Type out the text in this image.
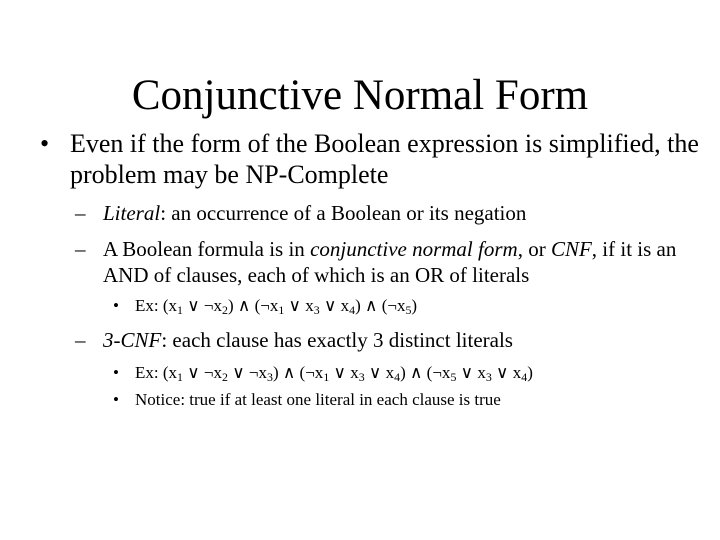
Conjunctive Normal Form
• Even if the form of the Boolean expression is simplified, the problem may be NP-Complete
– Literal: an occurrence of a Boolean or its negation
– A Boolean formula is in conjunctive normal form, or CNF, if it is an AND of clauses, each of which is an OR of literals
• Ex: ($x_1$ ∨ $\neg x_2$) ∧ ($\neg x_1$ ∨ $x_3$ ∨ $x_4$) ∧ $(\neg x_5)$
– 3-CNF: each clause has exactly 3 distinct literals
• Ex: ($x_1$ ∨ $\neg x_2$ ∨ $\neg x_3$) ∧ ($\neg x_1$ ∨ $x_3$ ∨ $x_4$) ∧ ($\neg x_5$ ∨ $x_3$ ∨ $x_4$)
• Notice: true if at least one literal in each clause is true
